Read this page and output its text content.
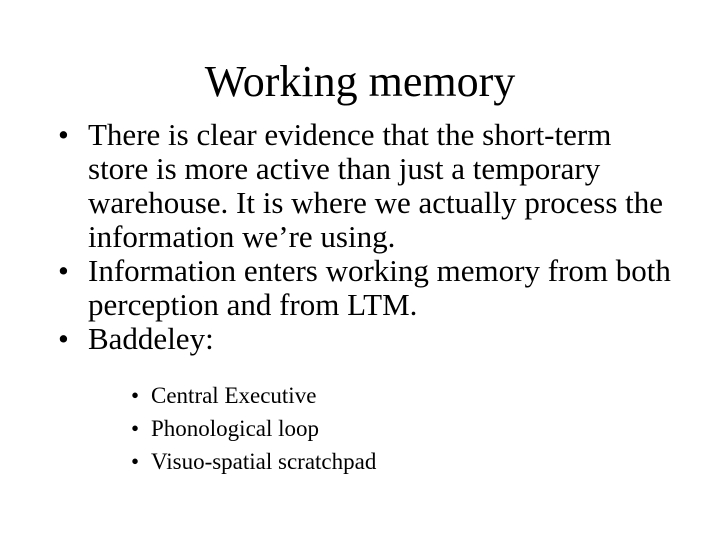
Working memory
• There is clear evidence that the short-term store is more active than just a temporary warehouse. It is where we actually process the information we’re using.
• Information enters working memory from both perception and from LTM.
• Baddeley:
• Central Executive
• Phonological loop
• Visuo-spatial scratchpad
